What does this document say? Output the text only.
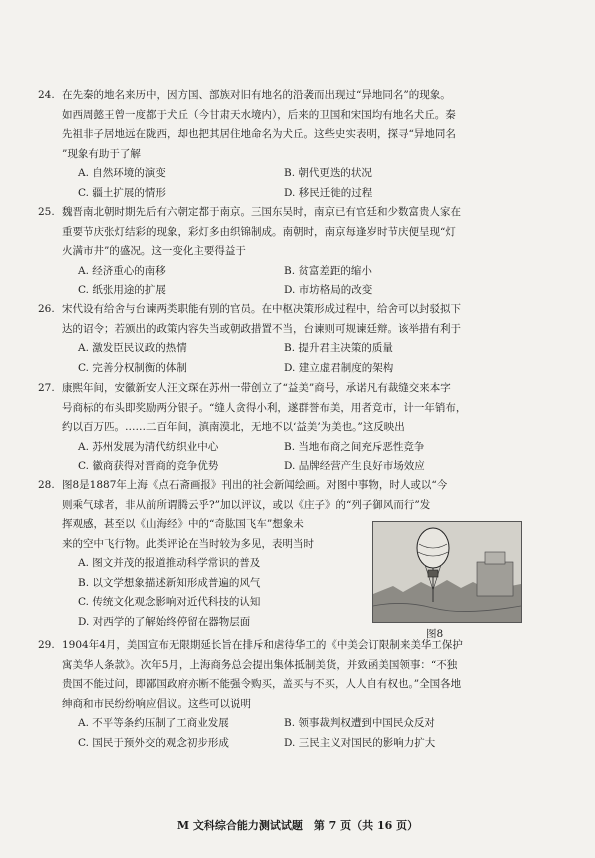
24. 在先秦的地名来历中，因方国、部族对旧有地名的沿袭而出现过“异地同名”的现象。
如西周懿王曾一度都于犬丘（今甘肃天水境内），后来的卫国和宋国均有地名犬丘。秦
先祖非子居地远在陇西，却也把其居住地命名为犬丘。这些史实表明，探寻“异地同名
”现象有助于了解
A. 自然环境的演变	B. 朝代更迭的状况
C. 疆土扩展的情形	D. 移民迁徙的过程
25. 魏晋南北朝时期先后有六朝定都于南京。三国东吴时，南京已有官廷和少数富贵人家在
重要节庆张灯结彩的现象，彩灯多由织锦制成。南朝时，南京每逢岁时节庆便呈现“灯
火满市井”的盛况。这一变化主要得益于
A. 经济重心的南移	B. 贫富差距的缩小
C. 纸张用途的扩展	D. 市坊格局的改变
26. 宋代设有给舍与台谏两类职能有别的官员。在中枢决策形成过程中，给舍可以封驳拟下
达的诏令；若颁出的政策内容失当或朝政措置不当，台谏则可规谏廷辩。该举措有利于
A. 激发臣民议政的热情	B. 提升君主决策的质量
C. 完善分权制衡的体制	D. 建立虚君制度的架构
27. 康熙年间，安徽新安人汪文琛在苏州一带创立了“益美”商号，承诺凡有裁缝交来本字
号商标的布头即奖励两分银子。“缝人贪得小利，遂群誉布美，用者竞市，计一年销布，
约以百万匹。……二百年间，滇南漠北，无地不以‘益美’为美也。”这反映出
A. 苏州发展为清代纺织业中心	B. 当地布商之间充斥恶性竞争
C. 徽商获得对晋商的竞争优势	D. 品牌经营产生良好市场效应
28. 图8是1887年上海《点石斋画报》刊出的社会新闻绘画。对图中事物，时人或以“今
则乘气球者，非从前所谓腾云乎?”加以评议，或以《庄子》的“列子御风而行”发
挥观感，甚至以《山海经》中的“奇肱国飞车”想象未
来的空中飞行物。此类评论在当时较为多见，表明当时
A. 图文并茂的报道推动科学常识的普及
B. 以文学想象描述新知形成普遍的风气
C. 传统文化观念影响对近代科技的认知
D. 对西学的了解始终停留在器物层面
图8
29. 1904年4月，美国宣布无限期延长旨在排斥和虐待华工的《中美会订限制来美华工保护
寓美华人条款》。次年5月，上海商务总会提出集体抵制美货，并致函美国领事：“不独
贵国不能过问，即鄙国政府亦断不能强令购买，盖买与不买，人人自有权也。”全国各地
绅商和市民纷纷响应倡议。这些可以说明
A. 不平等条约压制了工商业发展	B. 领事裁判权遭到中国民众反对
C. 国民于预外交的观念初步形成	D. 三民主义对国民的影响力扩大
M 文科综合能力测试试题　第 7 页（共 16 页）
